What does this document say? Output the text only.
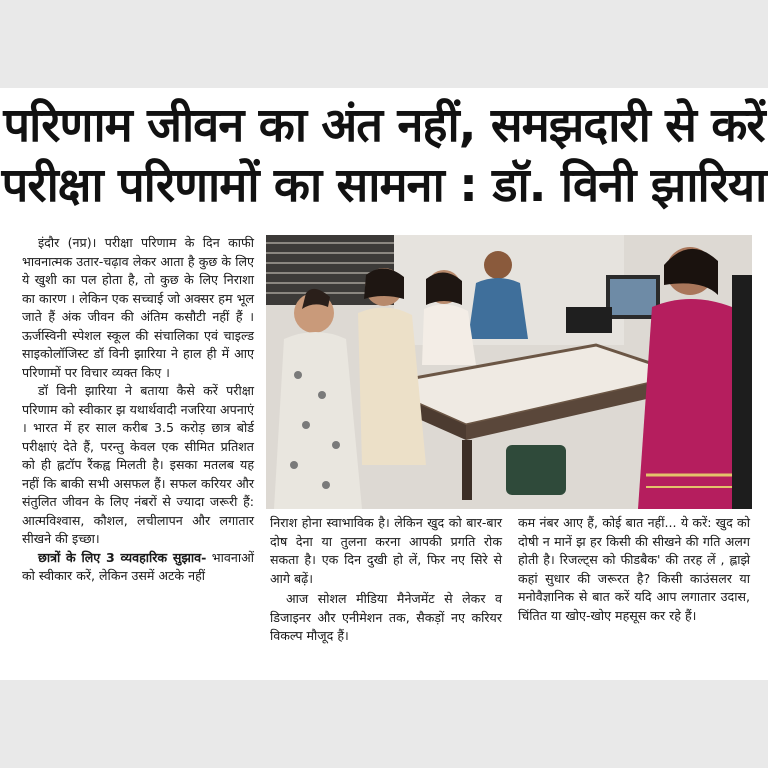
परिणाम जीवन का अंत नहीं, समझदारी से करें
परीक्षा परिणामों का सामना : डॉ. विनी झारिया

इंदौर (नप्र)। परीक्षा परिणाम के दिन काफी भावनात्मक उतार-चढ़ाव लेकर आता है कुछ के लिए ये खुशी का पल होता है, तो कुछ के लिए निराशा का कारण । लेकिन एक सच्चाई जो अक्सर हम भूल जाते हैं अंक जीवन की अंतिम कसौटी नहीं हैं । ऊर्जस्विनी स्पेशल स्कूल की संचालिका एवं चाइल्ड साइकोलॉजिस्ट डॉ विनी झारिया ने हाल ही में आए परिणामों पर विचार व्यक्त किए ।

डॉ विनी झारिया ने बताया कैसे करें परीक्षा परिणाम को स्वीकार झ यथार्थवादी नजरिया अपनाएं । भारत में हर साल करीब 3.5 करोड़ छात्र बोर्ड परीक्षाएं देते हैं, परन्तु केवल एक सीमित प्रतिशत को ही ह्लटॉप रैंकह्व मिलती है। इसका मतलब यह नहीं कि बाकी सभी असफल हैं। सफल करियर और संतुलित जीवन के लिए नंबरों से ज्यादा जरूरी हैं: आत्मविश्वास, कौशल, लचीलापन और लगातार सीखने की इच्छा।

छात्रों के लिए 3 व्यवहारिक सुझाव- भावनाओं को स्वीकार करें, लेकिन उसमें अटके नहीं

निराश होना स्वाभाविक है। लेकिन खुद को बार-बार दोष देना या तुलना करना आपकी प्रगति रोक सकता है। एक दिन दुखी हो लें, फिर नए सिरे से आगे बढ़ें।

आज सोशल मीडिया मैनेजमेंट से लेकर व डिजाइनर और एनीमेशन तक, सैकड़ों नए करियर विकल्प मौजूद हैं।

कम नंबर आए हैं, कोई बात नहीं... ये करें: खुद को दोषी न मानें झ हर किसी की सीखने की गति अलग होती है। रिजल्ट्स को फीडबैक' की तरह लें , ह्लाझे कहां सुधार की जरूरत है? किसी काउंसलर या मनोवैज्ञानिक से बात करें यदि आप लगातार उदास, चिंतित या खोए-खोए महसूस कर रहे हैं।
